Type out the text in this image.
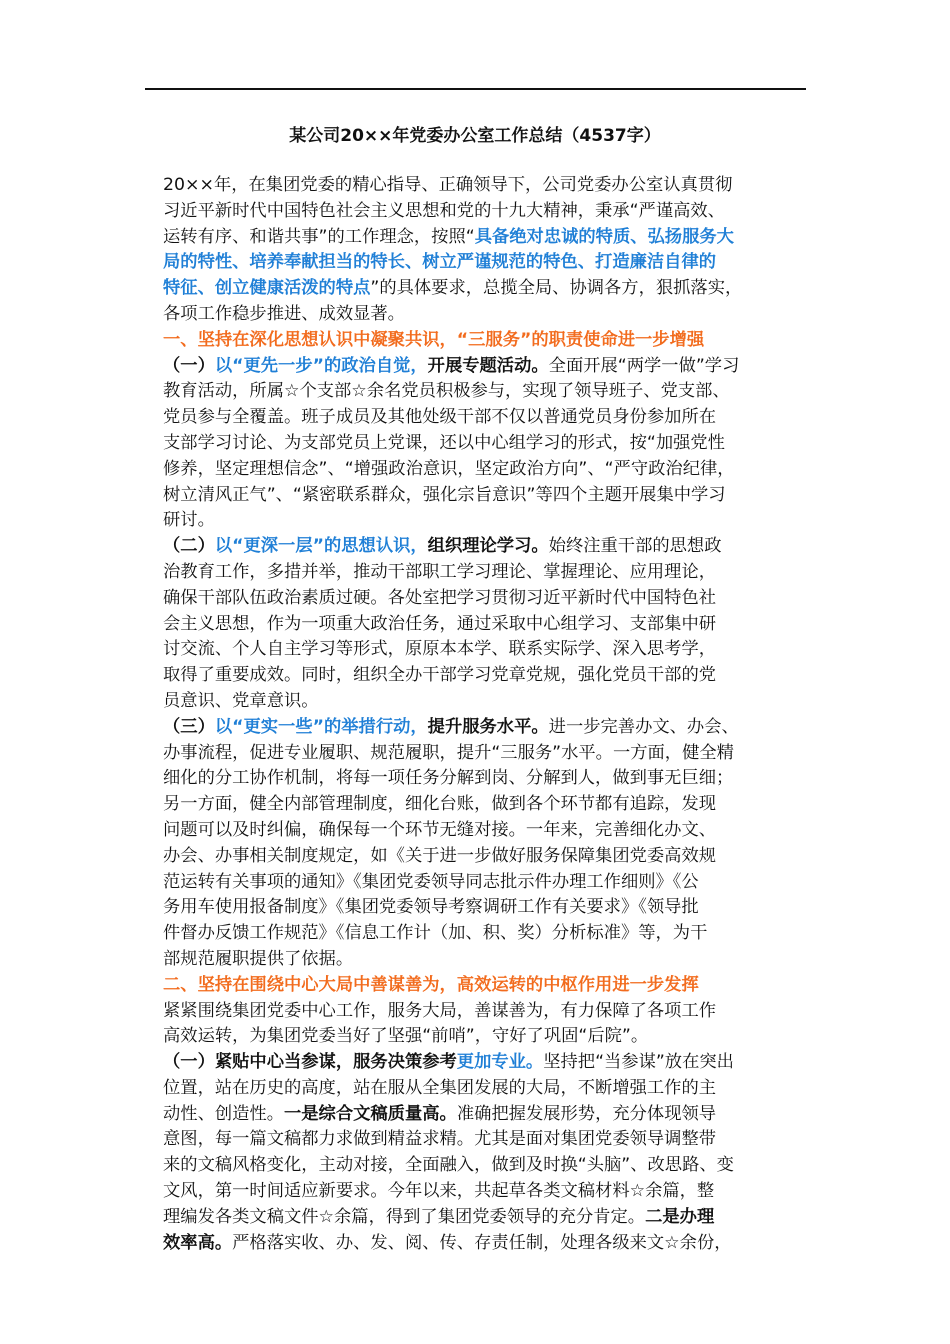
某公司20××年党委办公室工作总结（4537字）
20××年，在集团党委的精心指导、正确领导下，公司党委办公室认真贯彻
习近平新时代中国特色社会主义思想和党的十九大精神，秉承“严谨高效、
运转有序、和谐共事”的工作理念，按照“具备绝对忠诚的特质、弘扬服务大
局的特性、培养奉献担当的特长、树立严谨规范的特色、打造廉洁自律的
特征、创立健康活泼的特点”的具体要求，总揽全局、协调各方，狠抓落实，
各项工作稳步推进、成效显著。
一、坚持在深化思想认识中凝聚共识，“三服务”的职责使命进一步增强
（一）以“更先一步”的政治自觉，开展专题活动。全面开展“两学一做”学习
教育活动，所属☆个支部☆余名党员积极参与，实现了领导班子、党支部、
党员参与全覆盖。班子成员及其他处级干部不仅以普通党员身份参加所在
支部学习讨论、为支部党员上党课，还以中心组学习的形式，按“加强党性
修养，坚定理想信念”、“增强政治意识，坚定政治方向”、“严守政治纪律，
树立清风正气”、“紧密联系群众，强化宗旨意识”等四个主题开展集中学习
研讨。
（二）以“更深一层”的思想认识，组织理论学习。始终注重干部的思想政
治教育工作，多措并举，推动干部职工学习理论、掌握理论、应用理论，
确保干部队伍政治素质过硬。各处室把学习贯彻习近平新时代中国特色社
会主义思想，作为一项重大政治任务，通过采取中心组学习、支部集中研
讨交流、个人自主学习等形式，原原本本学、联系实际学、深入思考学，
取得了重要成效。同时，组织全办干部学习党章党规，强化党员干部的党
员意识、党章意识。
（三）以“更实一些”的举措行动，提升服务水平。进一步完善办文、办会、
办事流程，促进专业履职、规范履职，提升“三服务”水平。一方面，健全精
细化的分工协作机制，将每一项任务分解到岗、分解到人，做到事无巨细；
另一方面，健全内部管理制度，细化台账，做到各个环节都有追踪，发现
问题可以及时纠偏，确保每一个环节无缝对接。一年来，完善细化办文、
办会、办事相关制度规定，如《关于进一步做好服务保障集团党委高效规
范运转有关事项的通知》《集团党委领导同志批示件办理工作细则》《公
务用车使用报备制度》《集团党委领导考察调研工作有关要求》《领导批
件督办反馈工作规范》《信息工作计（加、积、奖）分析标准》等，为干
部规范履职提供了依据。
二、坚持在围绕中心大局中善谋善为，高效运转的中枢作用进一步发挥
紧紧围绕集团党委中心工作，服务大局，善谋善为，有力保障了各项工作
高效运转，为集团党委当好了坚强“前哨”，守好了巩固“后院”。
（一）紧贴中心当参谋，服务决策参考更加专业。坚持把“当参谋”放在突出
位置，站在历史的高度，站在服从全集团发展的大局，不断增强工作的主
动性、创造性。一是综合文稿质量高。准确把握发展形势，充分体现领导
意图，每一篇文稿都力求做到精益求精。尤其是面对集团党委领导调整带
来的文稿风格变化，主动对接，全面融入，做到及时换“头脑”、改思路、变
文风，第一时间适应新要求。今年以来，共起草各类文稿材料☆余篇，整
理编发各类文稿文件☆余篇，得到了集团党委领导的充分肯定。二是办理
效率高。严格落实收、办、发、阅、传、存责任制，处理各级来文☆余份，
